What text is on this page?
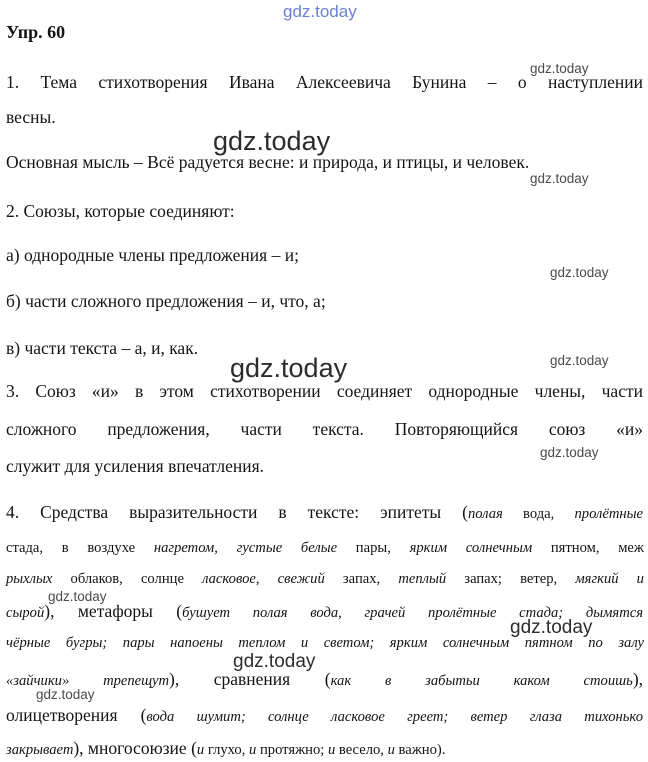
gdz.today
gdz.today
gdz.today
gdz.today
gdz.today
gdz.today	gdz.today
gdz.today
gdz.today
gdz.today
gdz.today
gdz.today
Упр. 60
1. Тема стихотворения Ивана Алексеевича Бунина – о наступлении
весны.
Основная мысль – Всё радуется весне: и природа, и птицы, и человек.
2. Союзы, которые соединяют:
а) однородные члены предложения – и;
б) части сложного предложения – и, что, а;
в) части текста – а, и, как.
3. Союз «и» в этом стихотворении соединяет однородные члены, части
сложного предложения, части текста. Повторяющийся союз «и»
служит для усиления впечатления.
4. Средства выразительности в тексте: эпитеты (полая вода, пролётные
стада, в воздухе нагретом, густые белые пары, ярким солнечным пятном, меж
рыхлых облаков, солнце ласковое, свежий запах, теплый запах; ветер, мягкий и
сырой), метафоры (бушует полая вода, грачей пролётные стада; дымятся
чёрные бугры; пары напоены теплом и светом; ярким солнечным пятном по залу
«зайчики» трепещут), сравнения (как в забытьи каком стоишь),
олицетворения (вода шумит; солнце ласковое греет; ветер глаза тихонько
закрывает), многосоюзие (и глухо, и протяжно; и весело, и важно).
